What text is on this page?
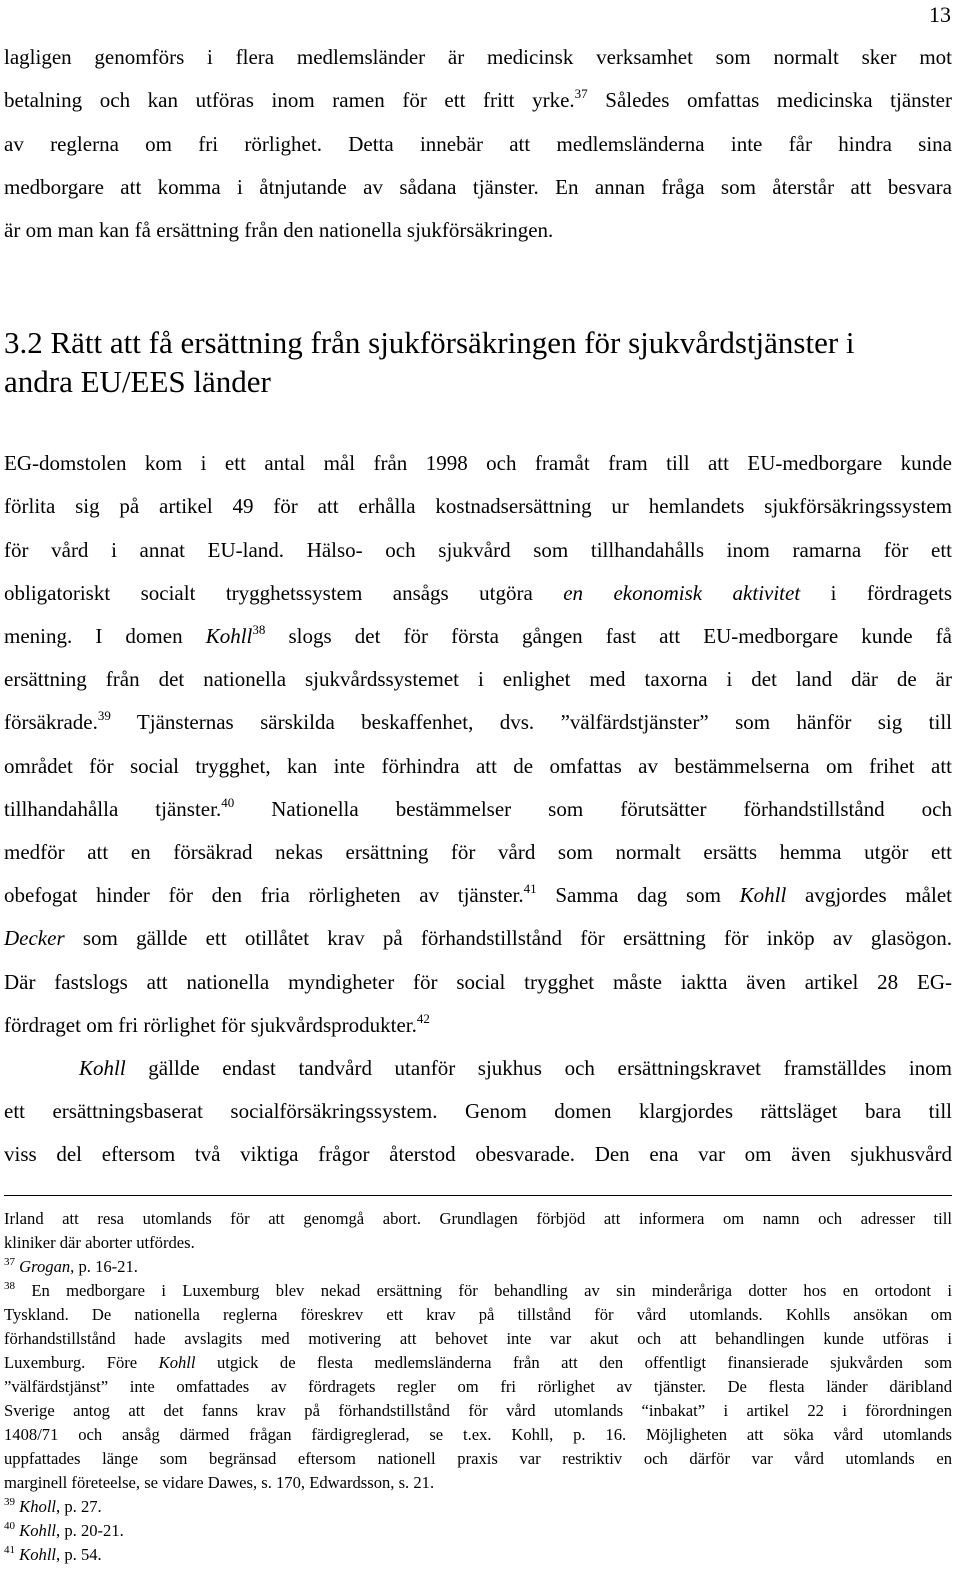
13
lagligen genomförs i flera medlemsländer är medicinsk verksamhet som normalt sker mot
betalning och kan utföras inom ramen för ett fritt yrke.$^{37}$ Således omfattas medicinska tjänster
av reglerna om fri rörlighet. Detta innebär att medlemsländerna inte får hindra sina
medborgare att komma i åtnjutande av sådana tjänster. En annan fråga som återstår att besvara
är om man kan få ersättning från den nationella sjukförsäkringen.
3.2 Rätt att få ersättning från sjukförsäkringen för sjukvårdstjänster i
andra EU/EES länder
EG-domstolen kom i ett antal mål från 1998 och framåt fram till att EU-medborgare kunde
förlita sig på artikel 49 för att erhålla kostnadsersättning ur hemlandets sjukförsäkringssystem
för vård i annat EU-land. Hälso- och sjukvård som tillhandahålls inom ramarna för ett
obligatoriskt socialt trygghetssystem ansågs utgöra en ekonomisk aktivitet i fördragets
mening. I domen Kohll$^{38}$ slogs det för första gången fast att EU-medborgare kunde få
ersättning från det nationella sjukvårdssystemet i enlighet med taxorna i det land där de är
försäkrade.$^{39}$ Tjänsternas särskilda beskaffenhet, dvs. ”välfärdstjänster” som hänför sig till
området för social trygghet, kan inte förhindra att de omfattas av bestämmelserna om frihet att
tillhandahålla tjänster.$^{40}$ Nationella bestämmelser som förutsätter förhandstillstånd och
medför att en försäkrad nekas ersättning för vård som normalt ersätts hemma utgör ett
obefogat hinder för den fria rörligheten av tjänster.$^{41}$ Samma dag som Kohll avgjordes målet
Decker som gällde ett otillåtet krav på förhandstillstånd för ersättning för inköp av glasögon.
Där fastslogs att nationella myndigheter för social trygghet måste iaktta även artikel 28 EG-
fördraget om fri rörlighet för sjukvårdsprodukter.$^{42}$
Kohll gällde endast tandvård utanför sjukhus och ersättningskravet framställdes inom
ett ersättningsbaserat socialförsäkringssystem. Genom domen klargjordes rättsläget bara till
viss del eftersom två viktiga frågor återstod obesvarade. Den ena var om även sjukhusvård
Irland att resa utomlands för att genomgå abort. Grundlagen förbjöd att informera om namn och adresser till
kliniker där aborter utfördes.
$^{37}$ Grogan, p. 16-21.
$^{38}$ En medborgare i Luxemburg blev nekad ersättning för behandling av sin minderåriga dotter hos en ortodont i
Tyskland. De nationella reglerna föreskrev ett krav på tillstånd för vård utomlands. Kohlls ansökan om
förhandstillstånd hade avslagits med motivering att behovet inte var akut och att behandlingen kunde utföras i
Luxemburg. Före Kohll utgick de flesta medlemsländerna från att den offentligt finansierade sjukvården som
”välfärdstjänst” inte omfattades av fördragets regler om fri rörlighet av tjänster. De flesta länder däribland
Sverige antog att det fanns krav på förhandstillstånd för vård utomlands “inbakat” i artikel 22 i förordningen
1408/71 och ansåg därmed frågan färdigreglerad, se t.ex. Kohll, p. 16. Möjligheten att söka vård utomlands
uppfattades länge som begränsad eftersom nationell praxis var restriktiv och därför var vård utomlands en
marginell företeelse, se vidare Dawes, s. 170, Edwardsson, s. 21.
$^{39}$ Kholl, p. 27.
$^{40}$ Kohll, p. 20-21.
$^{41}$ Kohll, p. 54.
